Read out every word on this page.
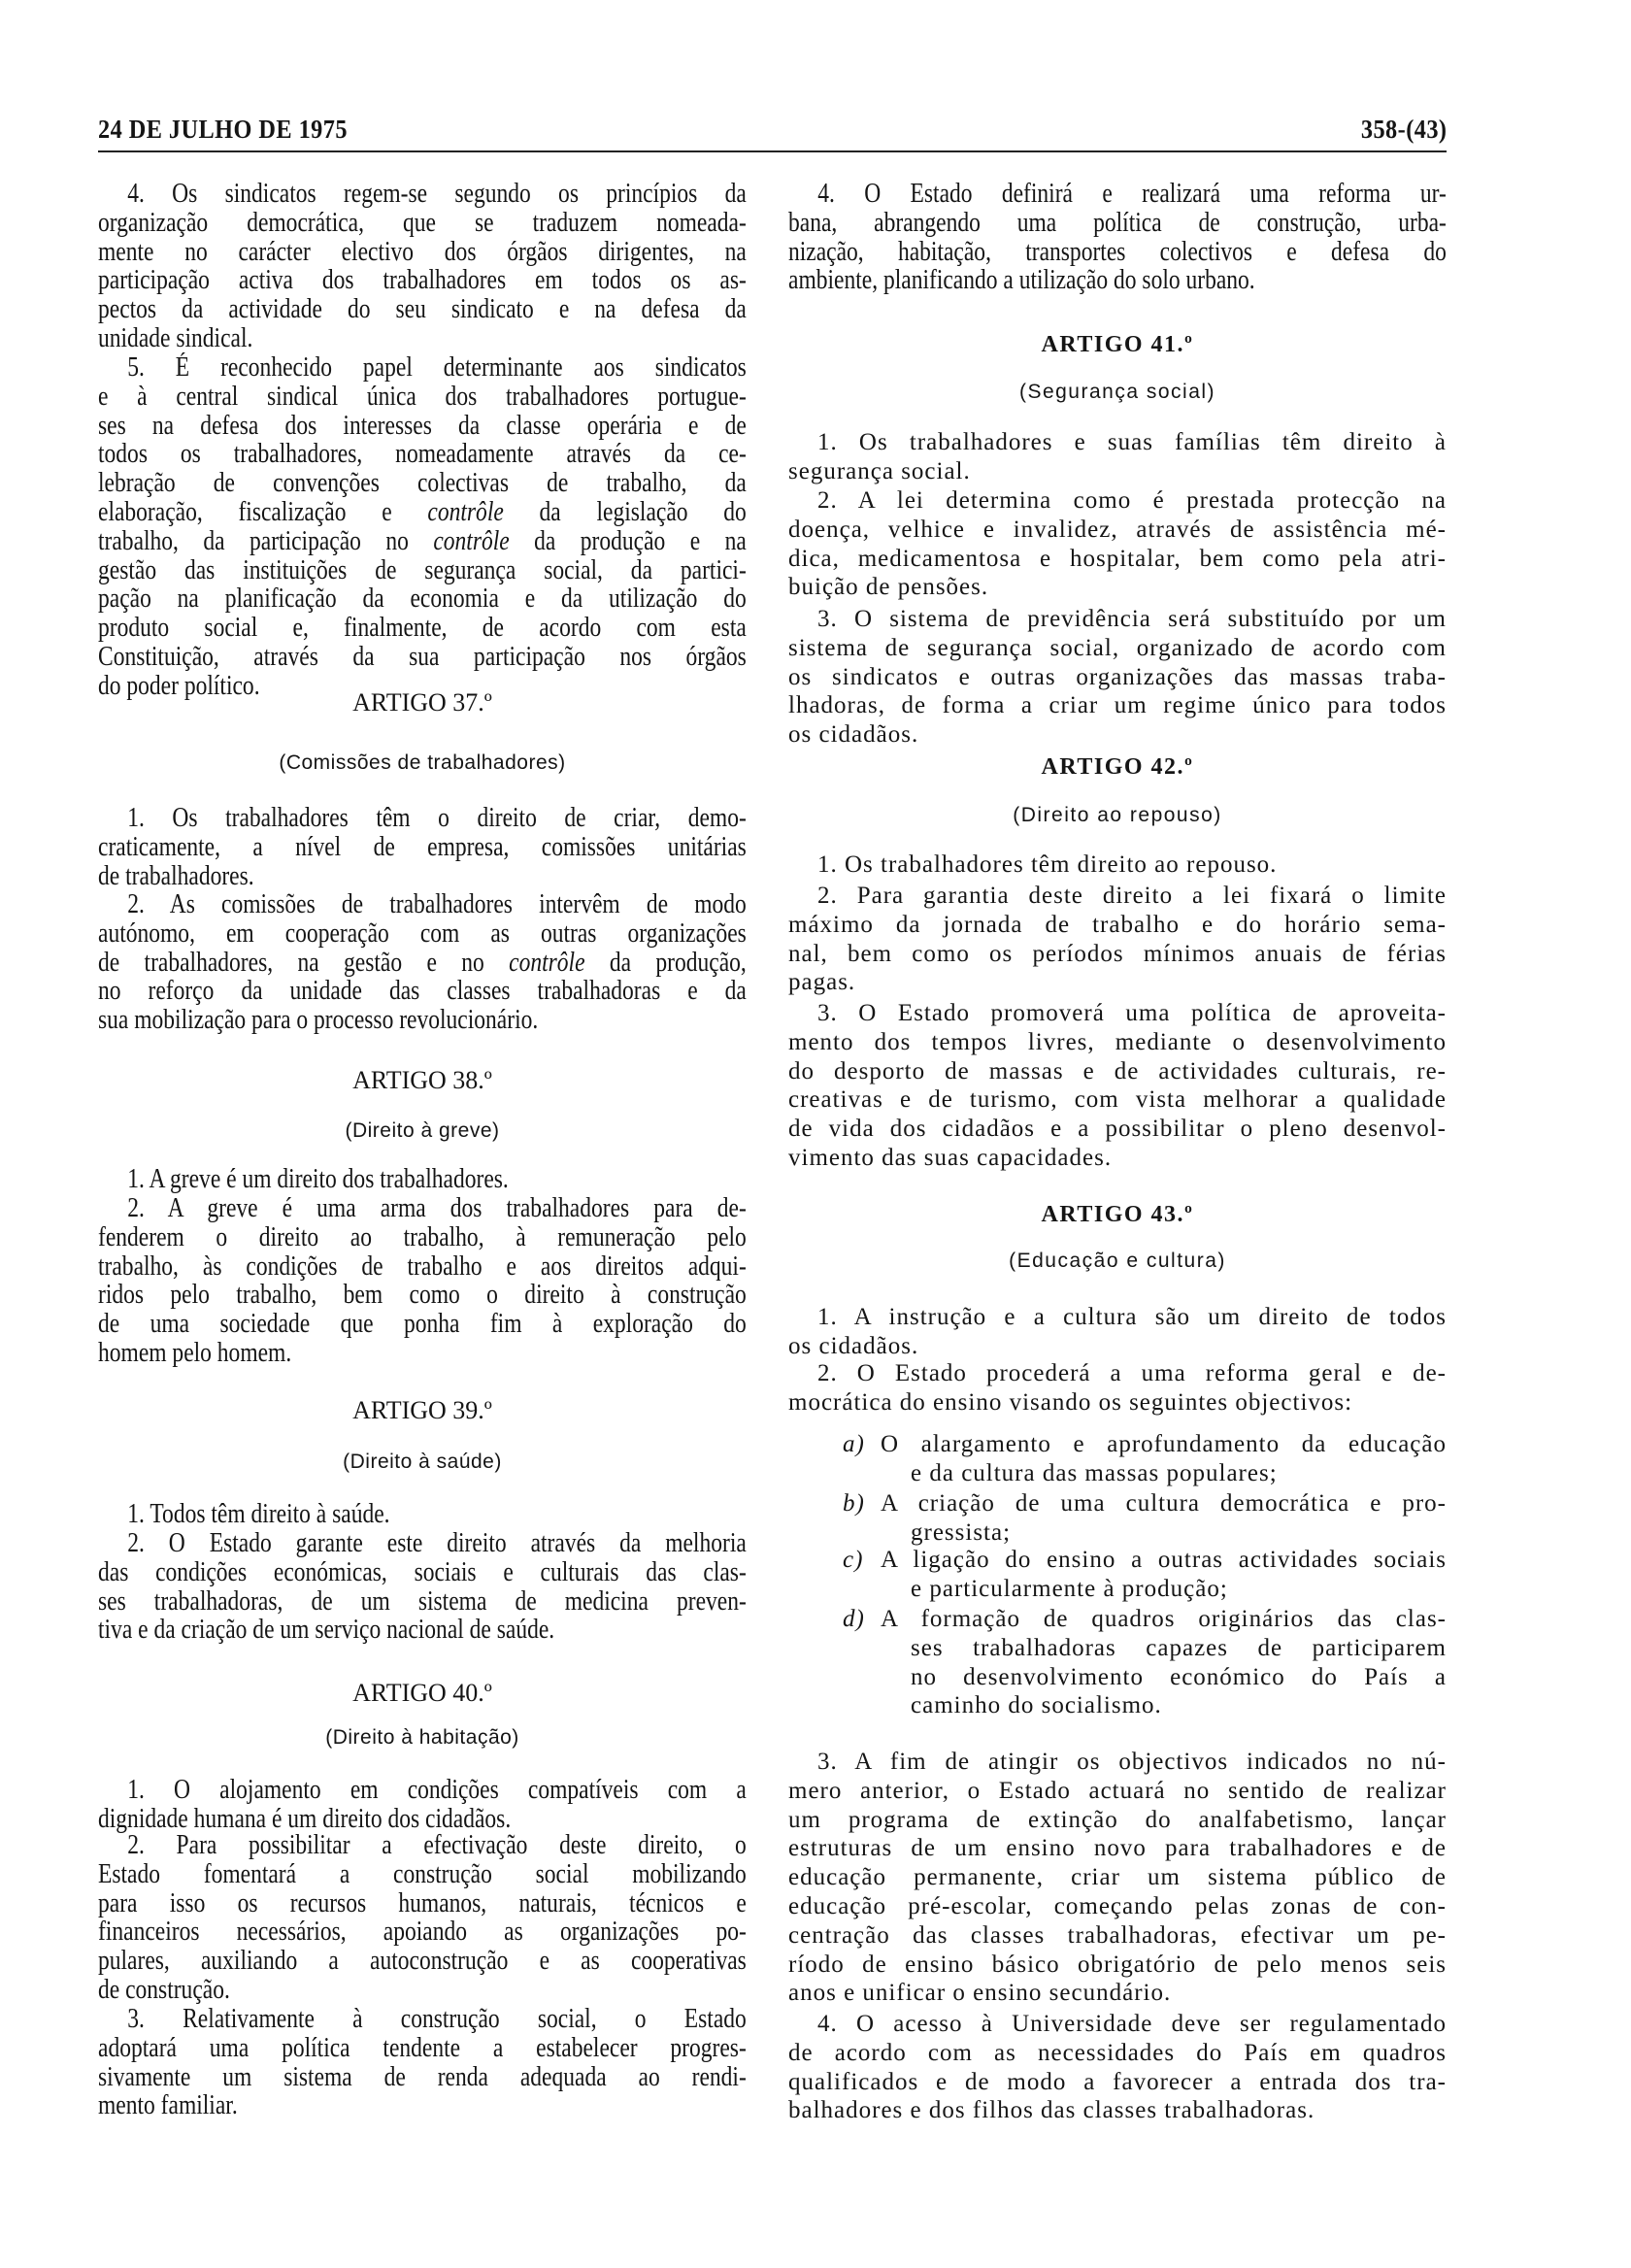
24 DE JULHO DE 1975	358-(43)
4. Os sindicatos regem-se segundo os princípios da
organização democrática, que se traduzem nomeada-
mente no carácter electivo dos órgãos dirigentes, na
participação activa dos trabalhadores em todos os as-
pectos da actividade do seu sindicato e na defesa da
unidade sindical.
5. É reconhecido papel determinante aos sindicatos
e à central sindical única dos trabalhadores portugue-
ses na defesa dos interesses da classe operária e de
todos os trabalhadores, nomeadamente através da ce-
lebração de convenções colectivas de trabalho, da
elaboração, fiscalização e contrôle da legislação do
trabalho, da participação no contrôle da produção e na
gestão das instituições de segurança social, da partici-
pação na planificação da economia e da utilização do
produto social e, finalmente, de acordo com esta
Constituição, através da sua participação nos órgãos
do poder político.
ARTIGO 37.º
(Comissões de trabalhadores)
1. Os trabalhadores têm o direito de criar, demo-
craticamente, a nível de empresa, comissões unitárias
de trabalhadores.
2. As comissões de trabalhadores intervêm de modo
autónomo, em cooperação com as outras organizações
de trabalhadores, na gestão e no contrôle da produção,
no reforço da unidade das classes trabalhadoras e da
sua mobilização para o processo revolucionário.
ARTIGO 38.º
(Direito à greve)
1. A greve é um direito dos trabalhadores.
2. A greve é uma arma dos trabalhadores para de-
fenderem o direito ao trabalho, à remuneração pelo
trabalho, às condições de trabalho e aos direitos adqui-
ridos pelo trabalho, bem como o direito à construção
de uma sociedade que ponha fim à exploração do
homem pelo homem.
ARTIGO 39.º
(Direito à saúde)
1. Todos têm direito à saúde.
2. O Estado garante este direito através da melhoria
das condições económicas, sociais e culturais das clas-
ses trabalhadoras, de um sistema de medicina preven-
tiva e da criação de um serviço nacional de saúde.
ARTIGO 40.º
(Direito à habitação)
1. O alojamento em condições compatíveis com a
dignidade humana é um direito dos cidadãos.
2. Para possibilitar a efectivação deste direito, o
Estado fomentará a construção social mobilizando
para isso os recursos humanos, naturais, técnicos e
financeiros necessários, apoiando as organizações po-
pulares, auxiliando a autoconstrução e as cooperativas
de construção.
3. Relativamente à construção social, o Estado
adoptará uma política tendente a estabelecer progres-
sivamente um sistema de renda adequada ao rendi-
mento familiar.
4. O Estado definirá e realizará uma reforma ur-
bana, abrangendo uma política de construção, urba-
nização, habitação, transportes colectivos e defesa do
ambiente, planificando a utilização do solo urbano.
ARTIGO 41.º
(Segurança social)
1. Os trabalhadores e suas famílias têm direito à
segurança social.
2. A lei determina como é prestada protecção na
doença, velhice e invalidez, através de assistência mé-
dica, medicamentosa e hospitalar, bem como pela atri-
buição de pensões.
3. O sistema de previdência será substituído por um
sistema de segurança social, organizado de acordo com
os sindicatos e outras organizações das massas traba-
lhadoras, de forma a criar um regime único para todos
os cidadãos.
ARTIGO 42.º
(Direito ao repouso)
1. Os trabalhadores têm direito ao repouso.
2. Para garantia deste direito a lei fixará o limite
máximo da jornada de trabalho e do horário sema-
nal, bem como os períodos mínimos anuais de férias
pagas.
3. O Estado promoverá uma política de aproveita-
mento dos tempos livres, mediante o desenvolvimento
do desporto de massas e de actividades culturais, re-
creativas e de turismo, com vista melhorar a qualidade
de vida dos cidadãos e a possibilitar o pleno desenvol-
vimento das suas capacidades.
ARTIGO 43.º
(Educação e cultura)
1. A instrução e a cultura são um direito de todos
os cidadãos.
2. O Estado procederá a uma reforma geral e de-
mocrática do ensino visando os seguintes objectivos:
a) O alargamento e aprofundamento da educação
e da cultura das massas populares;
b) A criação de uma cultura democrática e pro-
gressista;
c) A ligação do ensino a outras actividades sociais
e particularmente à produção;
d) A formação de quadros originários das clas-
ses trabalhadoras capazes de participarem
no desenvolvimento económico do País a
caminho do socialismo.
3. A fim de atingir os objectivos indicados no nú-
mero anterior, o Estado actuará no sentido de realizar
um programa de extinção do analfabetismo, lançar
estruturas de um ensino novo para trabalhadores e de
educação permanente, criar um sistema público de
educação pré-escolar, começando pelas zonas de con-
centração das classes trabalhadoras, efectivar um pe-
ríodo de ensino básico obrigatório de pelo menos seis
anos e unificar o ensino secundário.
4. O acesso à Universidade deve ser regulamentado
de acordo com as necessidades do País em quadros
qualificados e de modo a favorecer a entrada dos tra-
balhadores e dos filhos das classes trabalhadoras.
